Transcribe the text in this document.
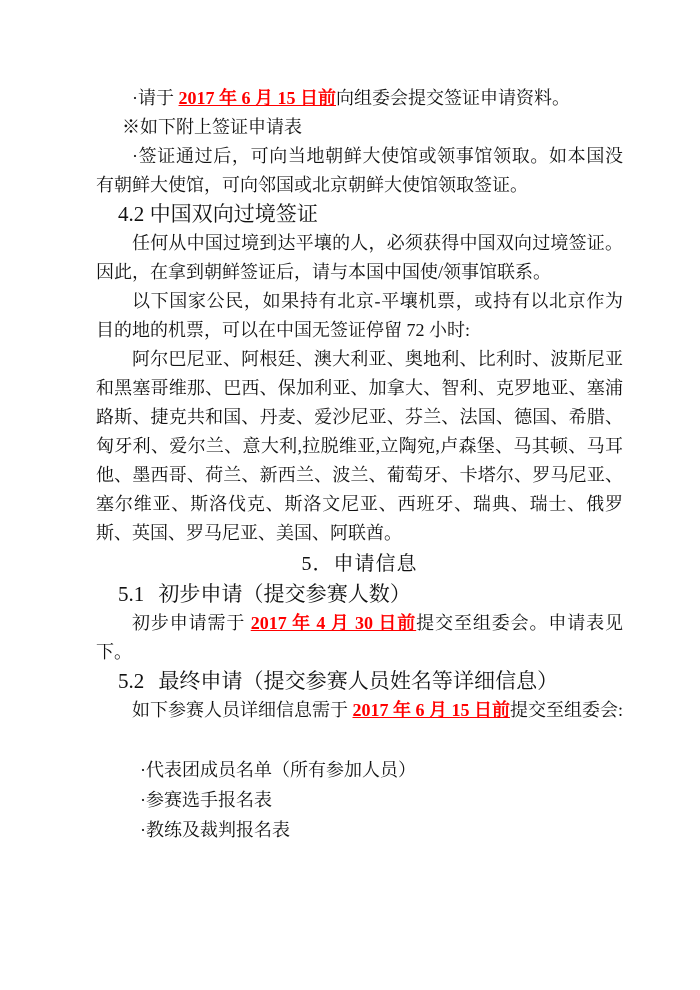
·请于 2017 年 6 月 15 日前向组委会提交签证申请资料。

※如下附上签证申请表

·签证通过后，可向当地朝鲜大使馆或领事馆领取。如本国没有朝鲜大使馆，可向邻国或北京朝鲜大使馆领取签证。

4.2 中国双向过境签证

任何从中国过境到达平壤的人，必须获得中国双向过境签证。因此，在拿到朝鲜签证后，请与本国中国使/领事馆联系。

以下国家公民，如果持有北京-平壤机票，或持有以北京作为目的地的机票，可以在中国无签证停留 72 小时:

阿尔巴尼亚、阿根廷、澳大利亚、奥地利、比利时、波斯尼亚和黑塞哥维那、巴西、保加利亚、加拿大、智利、克罗地亚、塞浦路斯、捷克共和国、丹麦、爱沙尼亚、芬兰、法国、德国、希腊、匈牙利、爱尔兰、意大利,拉脱维亚,立陶宛,卢森堡、马其顿、马耳他、墨西哥、荷兰、新西兰、波兰、葡萄牙、卡塔尔、罗马尼亚、塞尔维亚、斯洛伐克、斯洛文尼亚、西班牙、瑞典、瑞士、俄罗斯、英国、罗马尼亚、美国、阿联酋。

5．申请信息
5.1 初步申请（提交参赛人数）

初步申请需于 2017 年 4 月 30 日前提交至组委会。申请表见下。

5.2 最终申请（提交参赛人员姓名等详细信息）

如下参赛人员详细信息需于 2017 年 6 月 15 日前提交至组委会:

·代表团成员名单（所有参加人员）

·参赛选手报名表

·教练及裁判报名表
